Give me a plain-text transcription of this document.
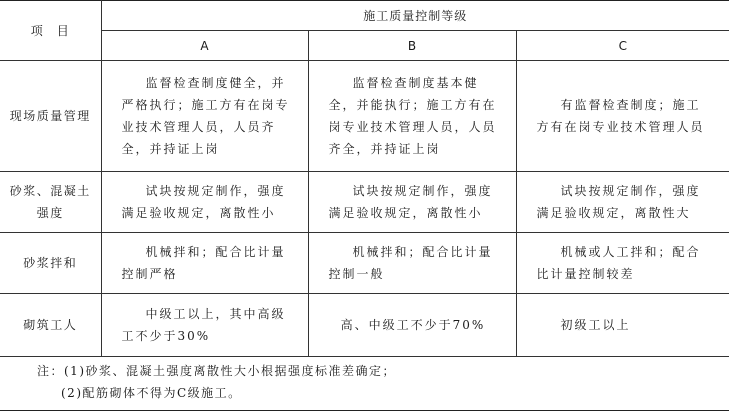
项　目	施工质量控制等级		
	A	B	C
现场质量管理	监督检查制度健全，并严格执行；施工方有在岗专业技术管理人员，人员齐全，并持证上岗	监督检查制度基本健全，并能执行；施工方有在岗专业技术管理人员，人员齐全，并持证上岗	有监督检查制度；施工方有在岗专业技术管理人员

砂浆、混凝土强度	试块按规定制作，强度满足验收规定，离散性小	试块按规定制作，强度满足验收规定，离散性小	试块按规定制作，强度满足验收规定，离散性大

砂浆拌和	机械拌和；配合比计量控制严格	机械拌和；配合比计量控制一般	机械或人工拌和；配合比计量控制较差

砌筑工人	中级工以上，其中高级工不少于30%	高、中级工不少于70%	初级工以上
注：(1)砂浆、混凝土强度离散性大小根据强度标准差确定；
(2)配筋砌体不得为C级施工。
